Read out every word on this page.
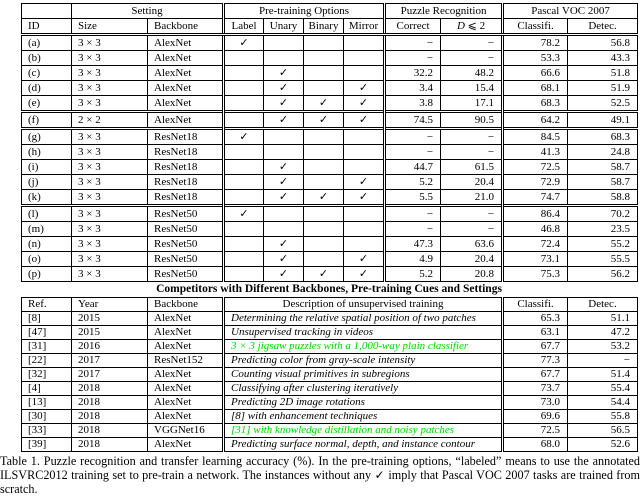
	Setting		Pre-training Options				Puzzle Recognition		Pascal VOC 2007	
ID	Size	Backbone	Label	Unary	Binary	Mirror	Correct	D ⩽ 2	Classifi.	Detec.
(a)	3 × 3	AlexNet	✓				−	−	78.2	56.8
(b)	3 × 3	AlexNet					−	−	53.3	43.3
(c)	3 × 3	AlexNet		✓			32.2	48.2	66.6	51.8
(d)	3 × 3	AlexNet		✓		✓	3.4	15.4	68.1	51.9
(e)	3 × 3	AlexNet		✓	✓	✓	3.8	17.1	68.3	52.5
(f)	2 × 2	AlexNet		✓	✓	✓	74.5	90.5	64.2	49.1
(g)	3 × 3	ResNet18	✓				−	−	84.5	68.3
(h)	3 × 3	ResNet18					−	−	41.3	24.8
(i)	3 × 3	ResNet18		✓			44.7	61.5	72.5	58.7
(j)	3 × 3	ResNet18		✓		✓	5.2	20.4	72.9	58.7
(k)	3 × 3	ResNet18		✓	✓	✓	5.5	21.0	74.7	58.8
(l)	3 × 3	ResNet50	✓				−	−	86.4	70.2
(m)	3 × 3	ResNet50					−	−	46.8	23.5
(n)	3 × 3	ResNet50		✓			47.3	63.6	72.4	55.2
(o)	3 × 3	ResNet50		✓		✓	4.9	20.4	73.1	55.5
(p)	3 × 3	ResNet50		✓	✓	✓	5.2	20.8	75.3	56.2
Competitors with Different Backbones, Pre-training Cues and Settings
Ref.	Year	Backbone	Description of unsupervised training	Classifi.	Detec.
[8]	2015	AlexNet	Determining the relative spatial position of two patches	65.3	51.1
[47]	2015	AlexNet	Unsupervised tracking in videos	63.1	47.2
[31]	2016	AlexNet	3 × 3 jigsaw puzzles with a 1,000-way plain classifier	67.7	53.2
[22]	2017	ResNet152	Predicting color from gray-scale intensity	77.3	−
[32]	2017	AlexNet	Counting visual primitives in subregions	67.7	51.4
[4]	2018	AlexNet	Classifying after clustering iteratively	73.7	55.4
[13]	2018	AlexNet	Predicting 2D image rotations	73.0	54.4
[30]	2018	AlexNet	[8] with enhancement techniques	69.6	55.8
[33]	2018	VGGNet16	[31] with knowledge distillation and noisy patches	72.5	56.5
[39]	2018	AlexNet	Predicting surface normal, depth, and instance contour	68.0	52.6
Table 1. Puzzle recognition and transfer learning accuracy (%). In the pre-training options, “labeled” means to use the annotated ILSVRC2012 training set to pre-train a network. The instances without any ✓ imply that Pascal VOC 2007 tasks are trained from scratch.
